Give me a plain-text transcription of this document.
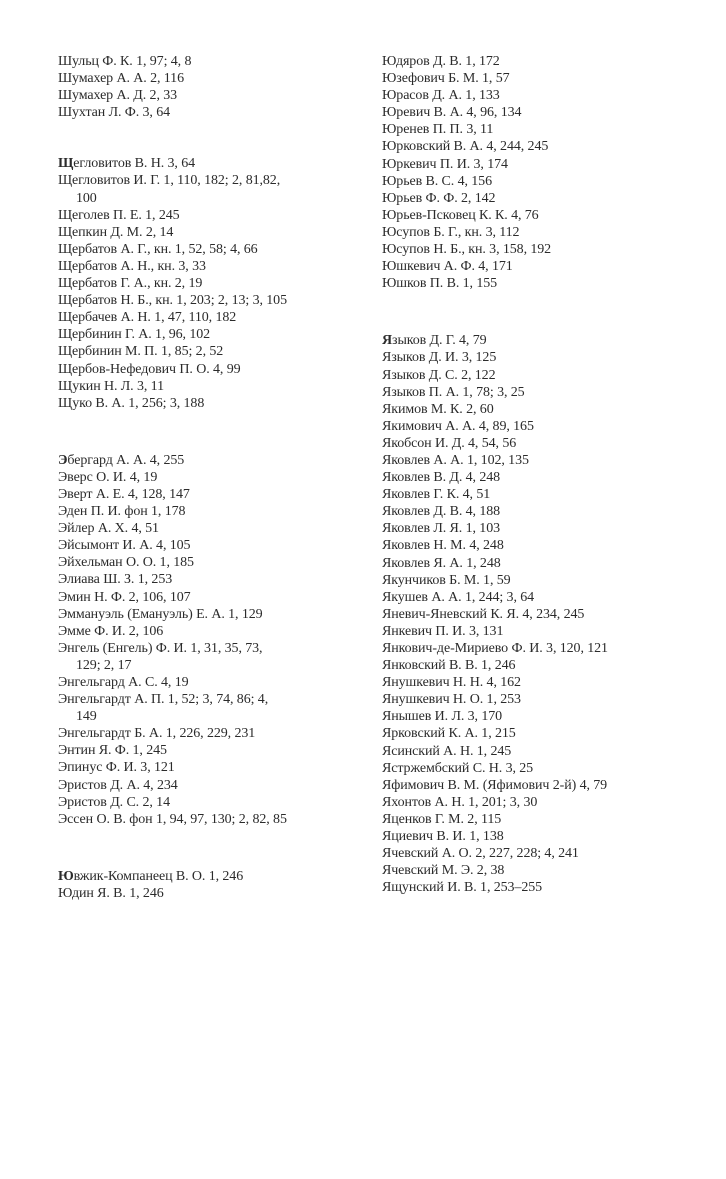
Шульц Ф. К. 1, 97; 4, 8
Шумахер А. А. 2, 116
Шумахер А. Д. 2, 33
Шухтан Л. Ф. 3, 64
Щегловитов В. Н. 3, 64
Щегловитов И. Г. 1, 110, 182; 2, 81,82,
100
Щеголев П. Е. 1, 245
Щепкин Д. М. 2, 14
Щербатов А. Г., кн. 1, 52, 58; 4, 66
Щербатов А. Н., кн. 3, 33
Щербатов Г. А., кн. 2, 19
Щербатов Н. Б., кн. 1, 203; 2, 13; 3, 105
Щербачев А. Н. 1, 47, 110, 182
Щербинин Г. А. 1, 96, 102
Щербинин М. П. 1, 85; 2, 52
Щербов-Нефедович П. О. 4, 99
Щукин Н. Л. 3, 11
Щуко В. А. 1, 256; 3, 188
Эбергард А. А. 4, 255
Эверс О. И. 4, 19
Эверт А. Е. 4, 128, 147
Эден П. И. фон 1, 178
Эйлер А. Х. 4, 51
Эйсымонт И. А. 4, 105
Эйхельман О. О. 1, 185
Элиава Ш. З. 1, 253
Эмин Н. Ф. 2, 106, 107
Эммануэль (Емануэль) Е. А. 1, 129
Эмме Ф. И. 2, 106
Энгель (Енгель) Ф. И. 1, 31, 35, 73,
129; 2, 17
Энгельгард А. С. 4, 19
Энгельгардт А. П. 1, 52; 3, 74, 86; 4,
149
Энгельгардт Б. А. 1, 226, 229, 231
Энтин Я. Ф. 1, 245
Эпинус Ф. И. 3, 121
Эристов Д. А. 4, 234
Эристов Д. С. 2, 14
Эссен О. В. фон 1, 94, 97, 130; 2, 82, 85
Ювжик-Компанеец В. О. 1, 246
Юдин Я. В. 1, 246
Юдяров Д. В. 1, 172
Юзефович Б. М. 1, 57
Юрасов Д. А. 1, 133
Юревич В. А. 4, 96, 134
Юренев П. П. 3, 11
Юрковский В. А. 4, 244, 245
Юркевич П. И. 3, 174
Юрьев В. С. 4, 156
Юрьев Ф. Ф. 2, 142
Юрьев-Псковец К. К. 4, 76
Юсупов Б. Г., кн. 3, 112
Юсупов Н. Б., кн. 3, 158, 192
Юшкевич А. Ф. 4, 171
Юшков П. В. 1, 155
Языков Д. Г. 4, 79
Языков Д. И. 3, 125
Языков Д. С. 2, 122
Языков П. А. 1, 78; 3, 25
Якимов М. К. 2, 60
Якимович А. А. 4, 89, 165
Якобсон И. Д. 4, 54, 56
Яковлев А. А. 1, 102, 135
Яковлев В. Д. 4, 248
Яковлев Г. К. 4, 51
Яковлев Д. В. 4, 188
Яковлев Л. Я. 1, 103
Яковлев Н. М. 4, 248
Яковлев Я. А. 1, 248
Якунчиков Б. М. 1, 59
Якушев А. А. 1, 244; 3, 64
Яневич-Яневский К. Я. 4, 234, 245
Янкевич П. И. 3, 131
Янкович-де-Мириево Ф. И. 3, 120, 121
Янковский В. В. 1, 246
Янушкевич Н. Н. 4, 162
Янушкевич Н. О. 1, 253
Янышев И. Л. 3, 170
Ярковский К. А. 1, 215
Ясинский А. Н. 1, 245
Ястржембский С. Н. 3, 25
Яфимович В. М. (Яфимович 2-й) 4, 79
Яхонтов А. Н. 1, 201; 3, 30
Яценков Г. М. 2, 115
Яциевич В. И. 1, 138
Ячевский А. О. 2, 227, 228; 4, 241
Ячевский М. Э. 2, 38
Ящунский И. В. 1, 253–255
